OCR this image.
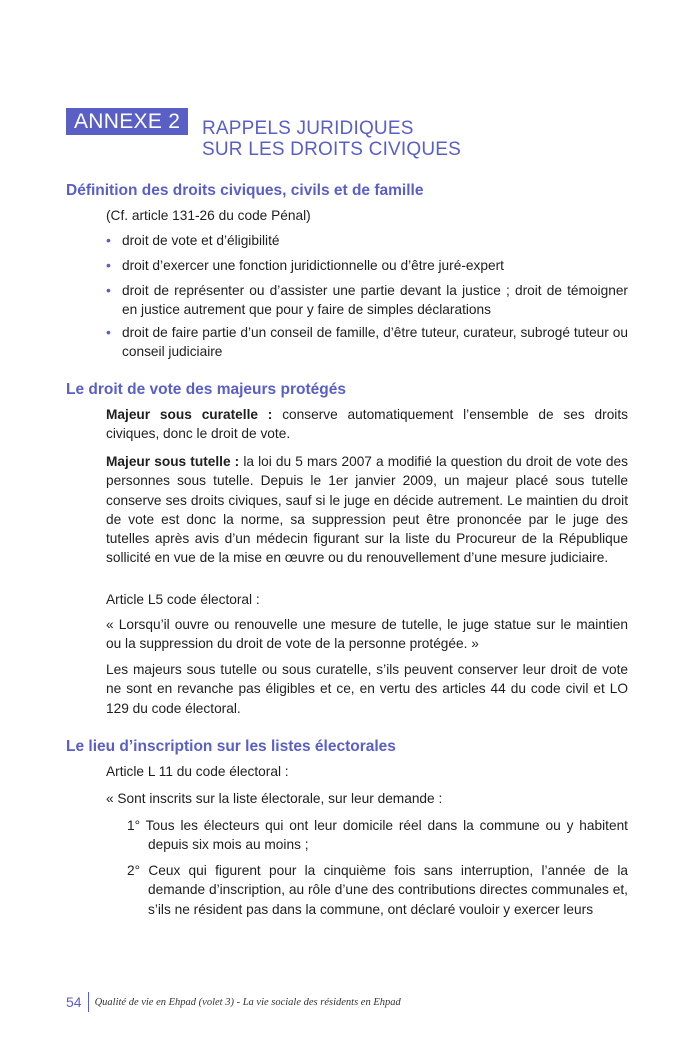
ANNEXE 2	RAPPELS JURIDIQUES
SUR LES DROITS CIVIQUES
Définition des droits civiques, civils et de famille

(Cf. article 131-26 du code Pénal)

• droit de vote et d’éligibilité
• droit d’exercer une fonction juridictionnelle ou d’être juré-expert
• droit de représenter ou d’assister une partie devant la justice ; droit de témoigner en justice autrement que pour y faire de simples déclarations
• droit de faire partie d’un conseil de famille, d’être tuteur, curateur, subrogé tuteur ou conseil judiciaire
Le droit de vote des majeurs protégés

Majeur sous curatelle : conserve automatiquement l’ensemble de ses droits civiques, donc le droit de vote.

Majeur sous tutelle : la loi du 5 mars 2007 a modifié la question du droit de vote des personnes sous tutelle. Depuis le 1er janvier 2009, un majeur placé sous tutelle conserve ses droits civiques, sauf si le juge en décide autrement. Le maintien du droit de vote est donc la norme, sa suppression peut être prononcée par le juge des tutelles après avis d’un médecin figurant sur la liste du Procureur de la République sollicité en vue de la mise en œuvre ou du renouvellement d’une mesure judiciaire.

Article L5 code électoral :

« Lorsqu’il ouvre ou renouvelle une mesure de tutelle, le juge statue sur le maintien ou la suppression du droit de vote de la personne protégée. »

Les majeurs sous tutelle ou sous curatelle, s’ils peuvent conserver leur droit de vote ne sont en revanche pas éligibles et ce, en vertu des articles 44 du code civil et LO 129 du code électoral.

Le lieu d’inscription sur les listes électorales

Article L 11 du code électoral :

« Sont inscrits sur la liste électorale, sur leur demande :

1° Tous les électeurs qui ont leur domicile réel dans la commune ou y habitent depuis six mois au moins ;
2° Ceux qui figurent pour la cinquième fois sans interruption, l’année de la demande d’inscription, au rôle d’une des contributions directes communales et, s’ils ne résident pas dans la commune, ont déclaré vouloir y exercer leurs
54 Qualité de vie en Ehpad (volet 3) - La vie sociale des résidents en Ehpad
